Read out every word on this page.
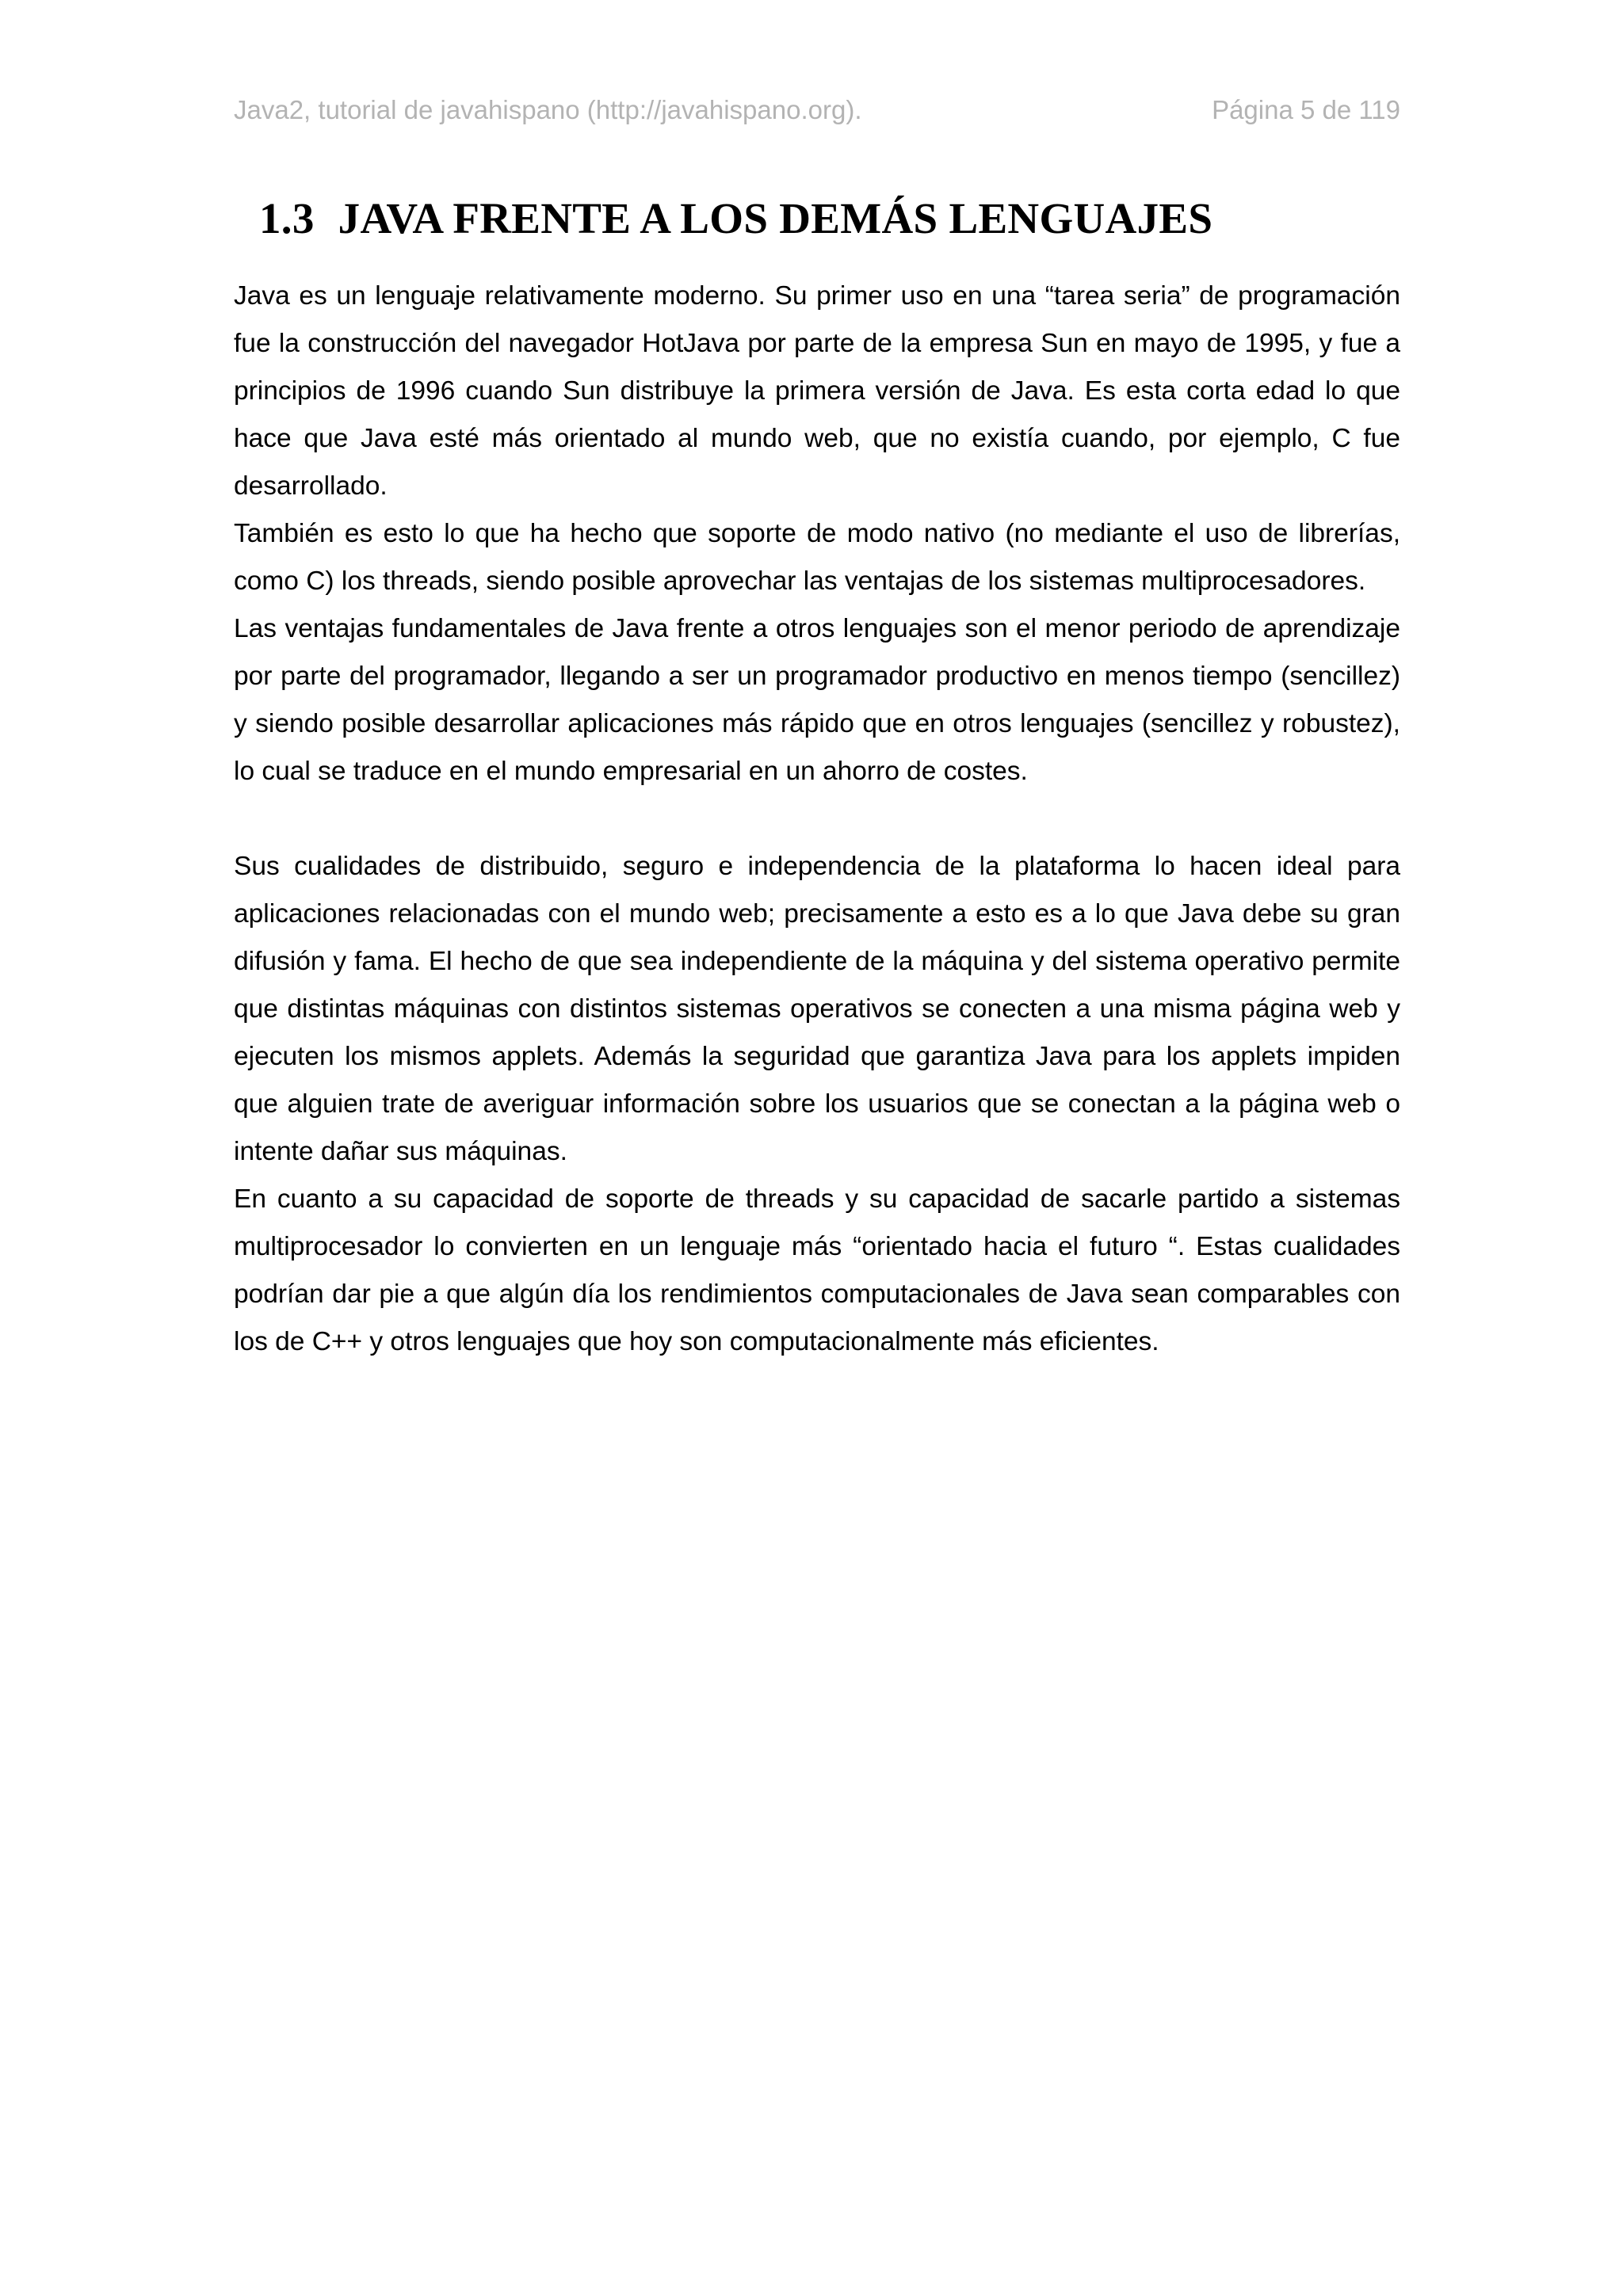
Java2, tutorial de javahispano (http://javahispano.org).	Página 5 de 119
1.3 JAVA FRENTE A LOS DEMÁS LENGUAJES

Java es un lenguaje relativamente moderno. Su primer uso en una “tarea seria” de programación fue la construcción del navegador HotJava por parte de la empresa Sun en mayo de 1995, y fue a principios de 1996 cuando Sun distribuye la primera versión de Java. Es esta corta edad lo que hace que Java esté más orientado al mundo web, que no existía cuando, por ejemplo, C fue desarrollado.

También es esto lo que ha hecho que soporte de modo nativo (no mediante el uso de librerías, como C) los threads, siendo posible aprovechar las ventajas de los sistemas multiprocesadores.

Las ventajas fundamentales de Java frente a otros lenguajes son el menor periodo de aprendizaje por parte del programador, llegando a ser un programador productivo en menos tiempo (sencillez) y siendo posible desarrollar aplicaciones más rápido que en otros lenguajes (sencillez y robustez), lo cual se traduce en el mundo empresarial en un ahorro de costes.

Sus cualidades de distribuido, seguro e independencia de la plataforma lo hacen ideal para aplicaciones relacionadas con el mundo web; precisamente a esto es a lo que Java debe su gran difusión y fama. El hecho de que sea independiente de la máquina y del sistema operativo permite que distintas máquinas con distintos sistemas operativos se conecten a una misma página web y ejecuten los mismos applets. Además la seguridad que garantiza Java para los applets impiden que alguien trate de averiguar información sobre los usuarios que se conectan a la página web o intente dañar sus máquinas.

En cuanto a su capacidad de soporte de threads y su capacidad de sacarle partido a sistemas multiprocesador lo convierten en un lenguaje más “orientado hacia el futuro “. Estas cualidades podrían dar pie a que algún día los rendimientos computacionales de Java sean comparables con los de C++ y otros lenguajes que hoy son computacionalmente más eficientes.
